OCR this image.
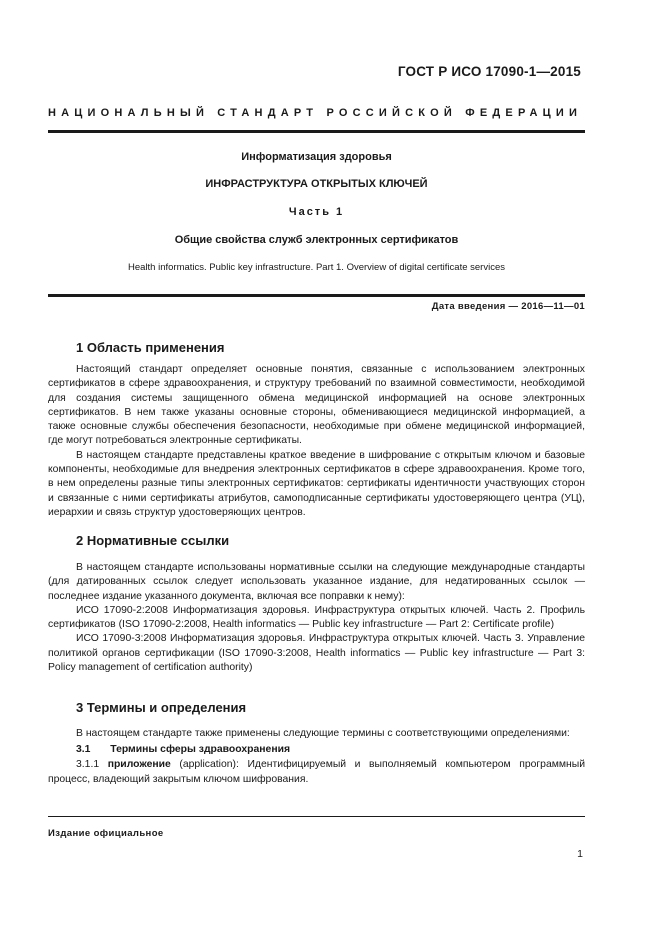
ГОСТ Р ИСО 17090-1—2015
НАЦИОНАЛЬНЫЙ СТАНДАРТ РОССИЙСКОЙ ФЕДЕРАЦИИ
Информатизация здоровья
ИНФРАСТРУКТУРА ОТКРЫТЫХ КЛЮЧЕЙ
Часть 1
Общие свойства служб электронных сертификатов
Health informatics. Public key infrastructure. Part 1. Overview of digital certificate services
Дата введения — 2016—11—01
1 Область применения

Настоящий стандарт определяет основные понятия, связанные с использованием электронных сертификатов в сфере здравоохранения, и структуру требований по взаимной совместимости, необходимой для создания системы защищенного обмена медицинской информацией на основе электронных сертификатов. В нем также указаны основные стороны, обменивающиеся медицинской информацией, а также основные службы обеспечения безопасности, необходимые при обмене медицинской информацией, где могут потребоваться электронные сертификаты.

В настоящем стандарте представлены краткое введение в шифрование с открытым ключом и базовые компоненты, необходимые для внедрения электронных сертификатов в сфере здравоохранения. Кроме того, в нем определены разные типы электронных сертификатов: сертификаты идентичности участвующих сторон и связанные с ними сертификаты атрибутов, самоподписанные сертификаты удостоверяющего центра (УЦ), иерархии и связь структур удостоверяющих центров.

2 Нормативные ссылки

В настоящем стандарте использованы нормативные ссылки на следующие международные стандарты (для датированных ссылок следует использовать указанное издание, для недатированных ссылок — последнее издание указанного документа, включая все поправки к нему):

ИСО 17090-2:2008 Информатизация здоровья. Инфраструктура открытых ключей. Часть 2. Профиль сертификатов (ISO 17090-2:2008, Health informatics — Public key infrastructure — Part 2: Certificate profile)

ИСО 17090-3:2008 Информатизация здоровья. Инфраструктура открытых ключей. Часть 3. Управление политикой органов сертификации (ISO 17090-3:2008, Health informatics — Public key infrastructure — Part 3: Policy management of certification authority)

3 Термины и определения

В настоящем стандарте также применены следующие термины с соответствующими определениями:

3.1 Термины сферы здравоохранения

3.1.1 приложение (application): Идентифицируемый и выполняемый компьютером программный процесс, владеющий закрытым ключом шифрования.

Издание официальное
1
